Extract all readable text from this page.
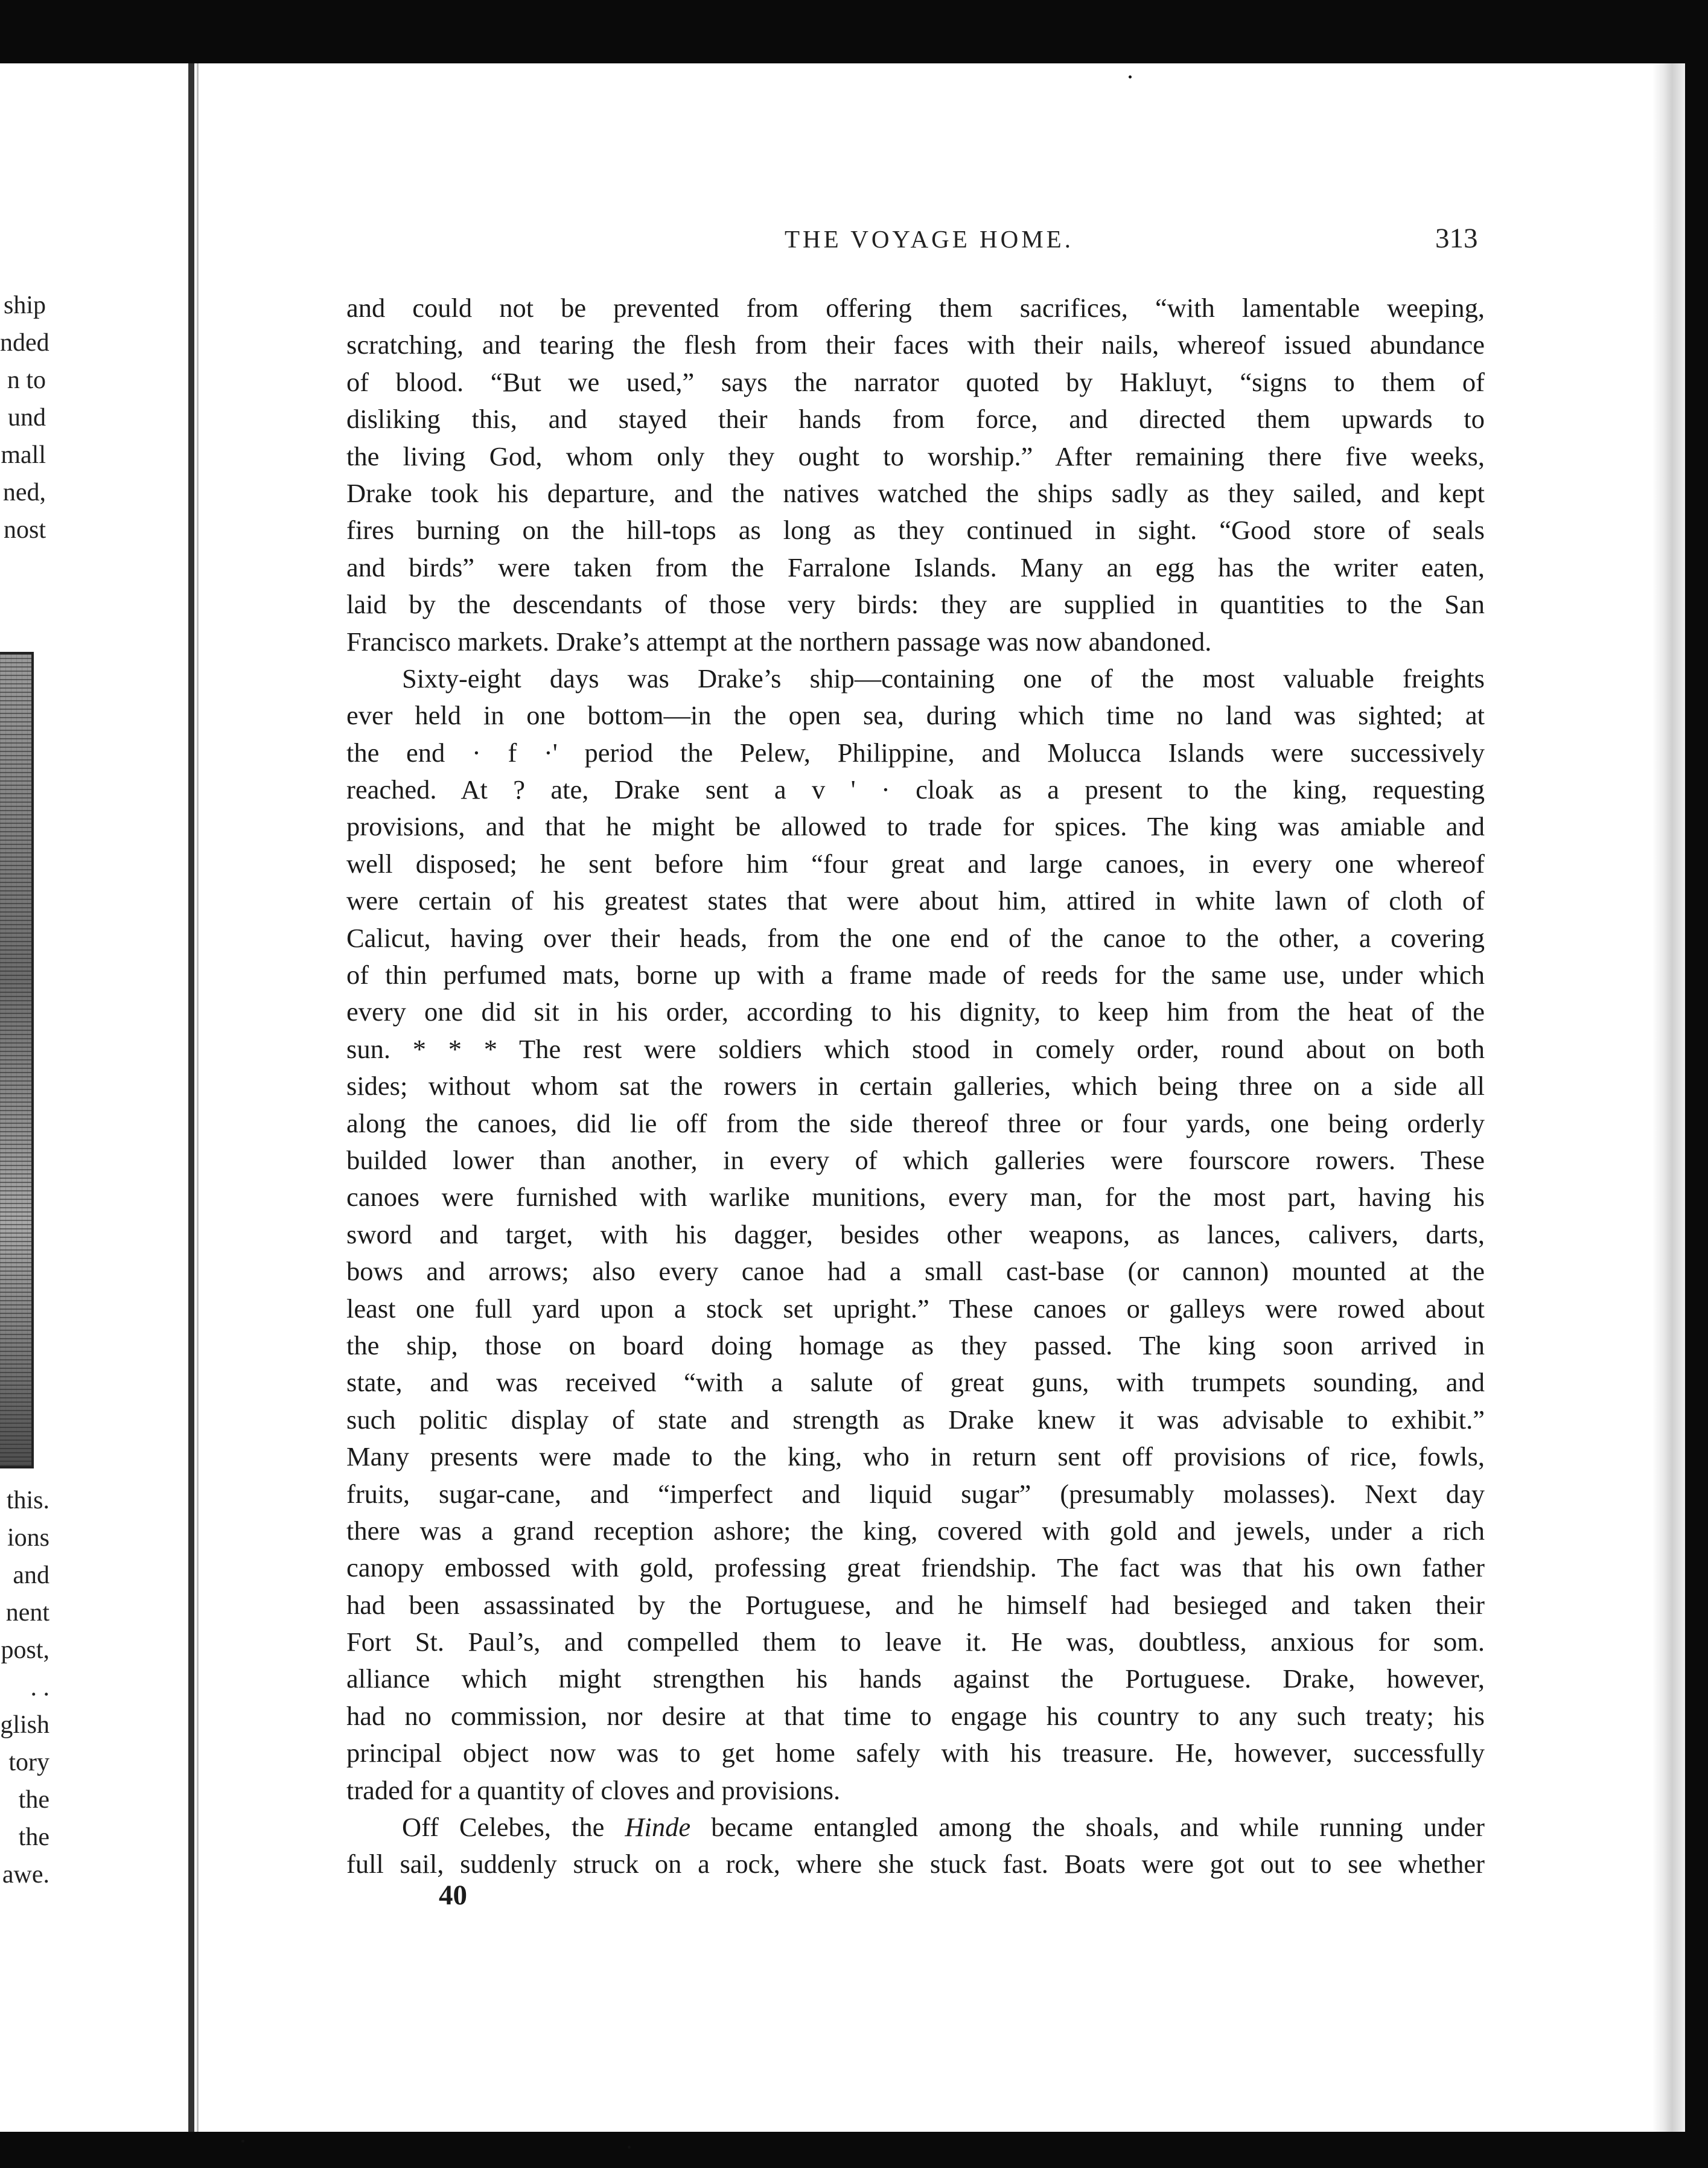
ship
nded
n to
und
mall
ned,
nost
this.
ions
and
nent
post,
. .
glish
tory
the
the
awe.
THE VOYAGE HOME.	313
and could not be prevented from offering them sacrifices, “with lamentable weeping,
scratching, and tearing the flesh from their faces with their nails, whereof issued abundance
of blood. “But we used,” says the narrator quoted by Hakluyt, “signs to them of
disliking this, and stayed their hands from force, and directed them upwards to
the living God, whom only they ought to worship.” After remaining there five weeks,
Drake took his departure, and the natives watched the ships sadly as they sailed, and kept
fires burning on the hill-tops as long as they continued in sight. “Good store of seals
and birds” were taken from the Farralone Islands. Many an egg has the writer eaten,
laid by the descendants of those very birds: they are supplied in quantities to the San
Francisco markets. Drake’s attempt at the northern passage was now abandoned.
Sixty-eight days was Drake’s ship—containing one of the most valuable freights
ever held in one bottom—in the open sea, during which time no land was sighted; at
the end · f ·' period the Pelew, Philippine, and Molucca Islands were successively
reached. At ? ate, Drake sent a v ' · cloak as a present to the king, requesting
provisions, and that he might be allowed to trade for spices. The king was amiable and
well disposed; he sent before him “four great and large canoes, in every one whereof
were certain of his greatest states that were about him, attired in white lawn of cloth of
Calicut, having over their heads, from the one end of the canoe to the other, a covering
of thin perfumed mats, borne up with a frame made of reeds for the same use, under which
every one did sit in his order, according to his dignity, to keep him from the heat of the
sun. * * * The rest were soldiers which stood in comely order, round about on both
sides; without whom sat the rowers in certain galleries, which being three on a side all
along the canoes, did lie off from the side thereof three or four yards, one being orderly
builded lower than another, in every of which galleries were fourscore rowers. These
canoes were furnished with warlike munitions, every man, for the most part, having his
sword and target, with his dagger, besides other weapons, as lances, calivers, darts,
bows and arrows; also every canoe had a small cast-base (or cannon) mounted at the
least one full yard upon a stock set upright.” These canoes or galleys were rowed about
the ship, those on board doing homage as they passed. The king soon arrived in
state, and was received “with a salute of great guns, with trumpets sounding, and
such politic display of state and strength as Drake knew it was advisable to exhibit.”
Many presents were made to the king, who in return sent off provisions of rice, fowls,
fruits, sugar-cane, and “imperfect and liquid sugar” (presumably molasses). Next day
there was a grand reception ashore; the king, covered with gold and jewels, under a rich
canopy embossed with gold, professing great friendship. The fact was that his own father
had been assassinated by the Portuguese, and he himself had besieged and taken their
Fort St. Paul’s, and compelled them to leave it. He was, doubtless, anxious for som.
alliance which might strengthen his hands against the Portuguese. Drake, however,
had no commission, nor desire at that time to engage his country to any such treaty; his
principal object now was to get home safely with his treasure. He, however, successfully
traded for a quantity of cloves and provisions.
Off Celebes, the Hinde became entangled among the shoals, and while running under
full sail, suddenly struck on a rock, where she stuck fast. Boats were got out to see whether
40
